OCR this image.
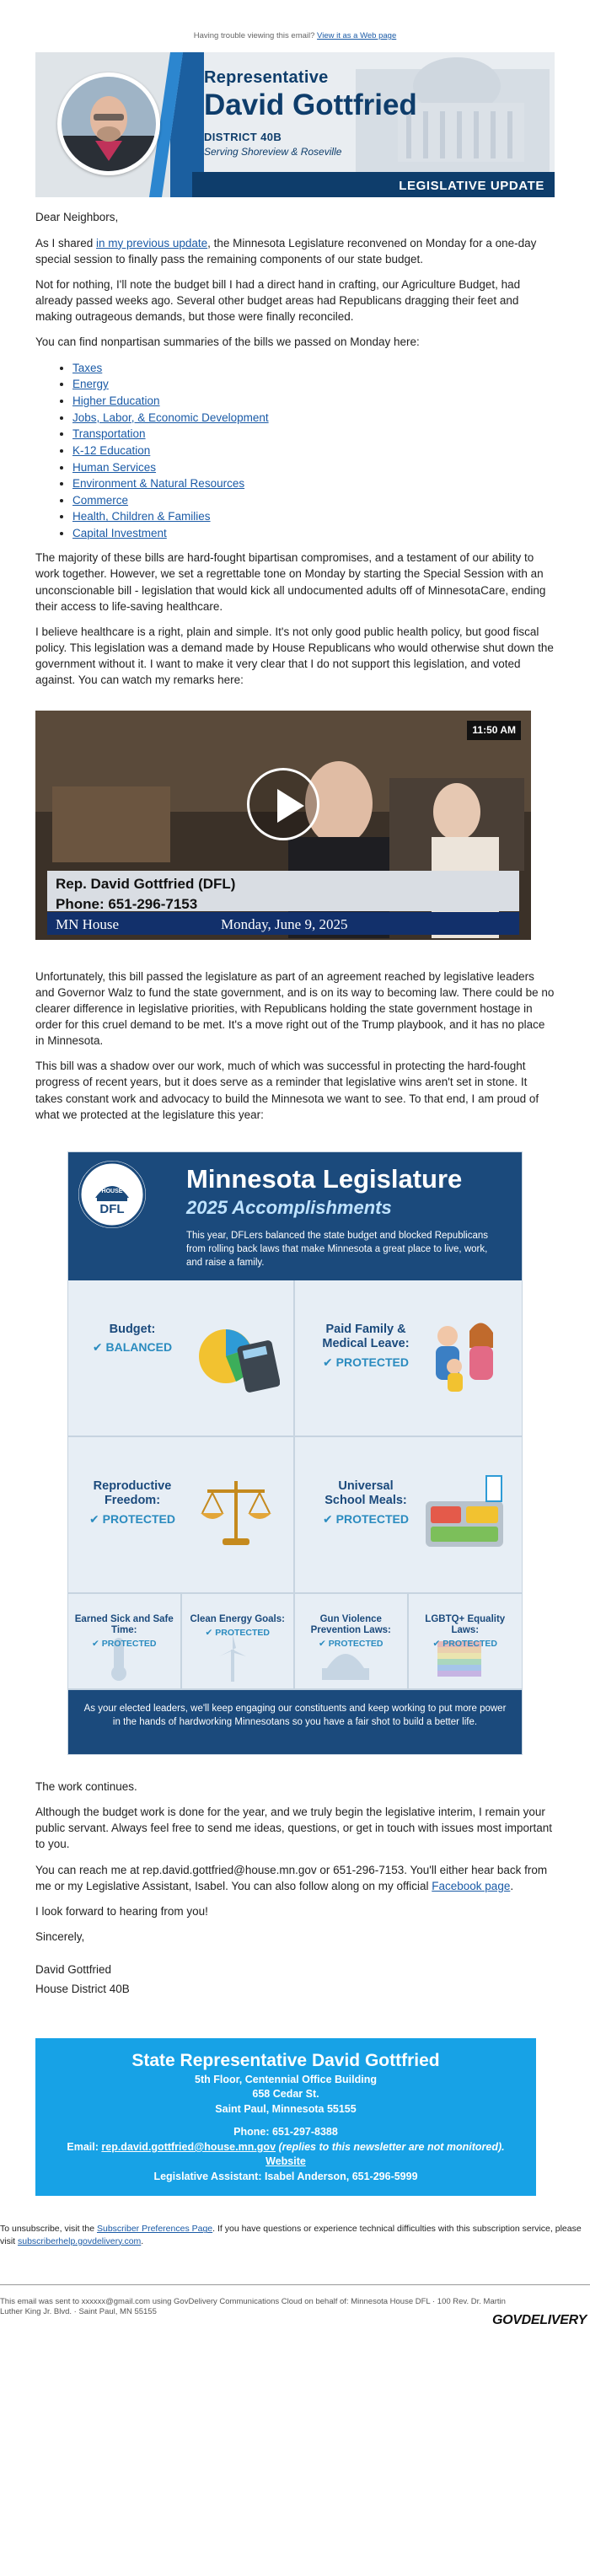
Having trouble viewing this email? View it as a Web page
Representative
David Gottfried
DISTRICT 40B
Serving Shoreview & Roseville
LEGISLATIVE UPDATE

Dear Neighbors,

As I shared in my previous update, the Minnesota Legislature reconvened on Monday for a one-day special session to finally pass the remaining components of our state budget.

Not for nothing, I'll note the budget bill I had a direct hand in crafting, our Agriculture Budget, had already passed weeks ago. Several other budget areas had Republicans dragging their feet and making outrageous demands, but those were finally reconciled.

You can find nonpartisan summaries of the bills we passed on Monday here:

• Taxes
• Energy
• Higher Education
• Jobs, Labor, & Economic Development
• Transportation
• K-12 Education
• Human Services
• Environment & Natural Resources
• Commerce
• Health, Children & Families
• Capital Investment

The majority of these bills are hard-fought bipartisan compromises, and a testament of our ability to work together. However, we set a regrettable tone on Monday by starting the Special Session with an unconscionable bill - legislation that would kick all undocumented adults off of MinnesotaCare, ending their access to life-saving healthcare.

I believe healthcare is a right, plain and simple. It's not only good public health policy, but good fiscal policy. This legislation was a demand made by House Republicans who would otherwise shut down the government without it. I want to make it very clear that I do not support this legislation, and voted against. You can watch my remarks here:

11:50 AM
Rep. David Gottfried (DFL)
Phone: 651-296-7153
MN House	Monday, June 9, 2025

Unfortunately, this bill passed the legislature as part of an agreement reached by legislative leaders and Governor Walz to fund the state government, and is on its way to becoming law. There could be no clearer difference in legislative priorities, with Republicans holding the state government hostage in order for this cruel demand to be met. It's a move right out of the Trump playbook, and it has no place in Minnesota.

This bill was a shadow over our work, much of which was successful in protecting the hard-fought progress of recent years, but it does serve as a reminder that legislative wins aren't set in stone. It takes constant work and advocacy to build the Minnesota we want to see. To that end, I am proud of what we protected at the legislature this year:

HOUSE
DFL
Minnesota Legislature
2025 Accomplishments
This year, DFLers balanced the state budget and blocked Republicans from rolling back laws that make Minnesota a great place to live, work, and raise a family.
Budget:
✔ BALANCED
Paid Family & Medical Leave:
✔ PROTECTED
Reproductive Freedom:
✔ PROTECTED
Universal School Meals:
✔ PROTECTED
Earned Sick and Safe Time:
✔ PROTECTED
Clean Energy Goals:
✔ PROTECTED
Gun Violence Prevention Laws:
✔ PROTECTED
LGBTQ+ Equality Laws:
✔ PROTECTED
As your elected leaders, we'll keep engaging our constituents and keep working to put more power in the hands of hardworking Minnesotans so you have a fair shot to build a better life.

The work continues.

Although the budget work is done for the year, and we truly begin the legislative interim, I remain your public servant. Always feel free to send me ideas, questions, or get in touch with issues most important to you.

You can reach me at rep.david.gottfried@house.mn.gov or 651-296-7153. You'll either hear back from me or my Legislative Assistant, Isabel. You can also follow along on my official Facebook page.

I look forward to hearing from you!

Sincerely,

David Gottfried

House District 40B

State Representative David Gottfried
5th Floor, Centennial Office Building
658 Cedar St.
Saint Paul, Minnesota 55155
Phone: 651-297-8388
Email: rep.david.gottfried@house.mn.gov (replies to this newsletter are not monitored).
Website
Legislative Assistant: Isabel Anderson, 651-296-5999
To unsubscribe, visit the Subscriber Preferences Page. If you have questions or experience technical difficulties with this subscription service, please visit subscriberhelp.govdelivery.com.
This email was sent to xxxxxx@gmail.com using GovDelivery Communications Cloud on behalf of: Minnesota House DFL · 100 Rev. Dr. Martin Luther King Jr. Blvd. · Saint Paul, MN 55155
GOVDELIVERY
